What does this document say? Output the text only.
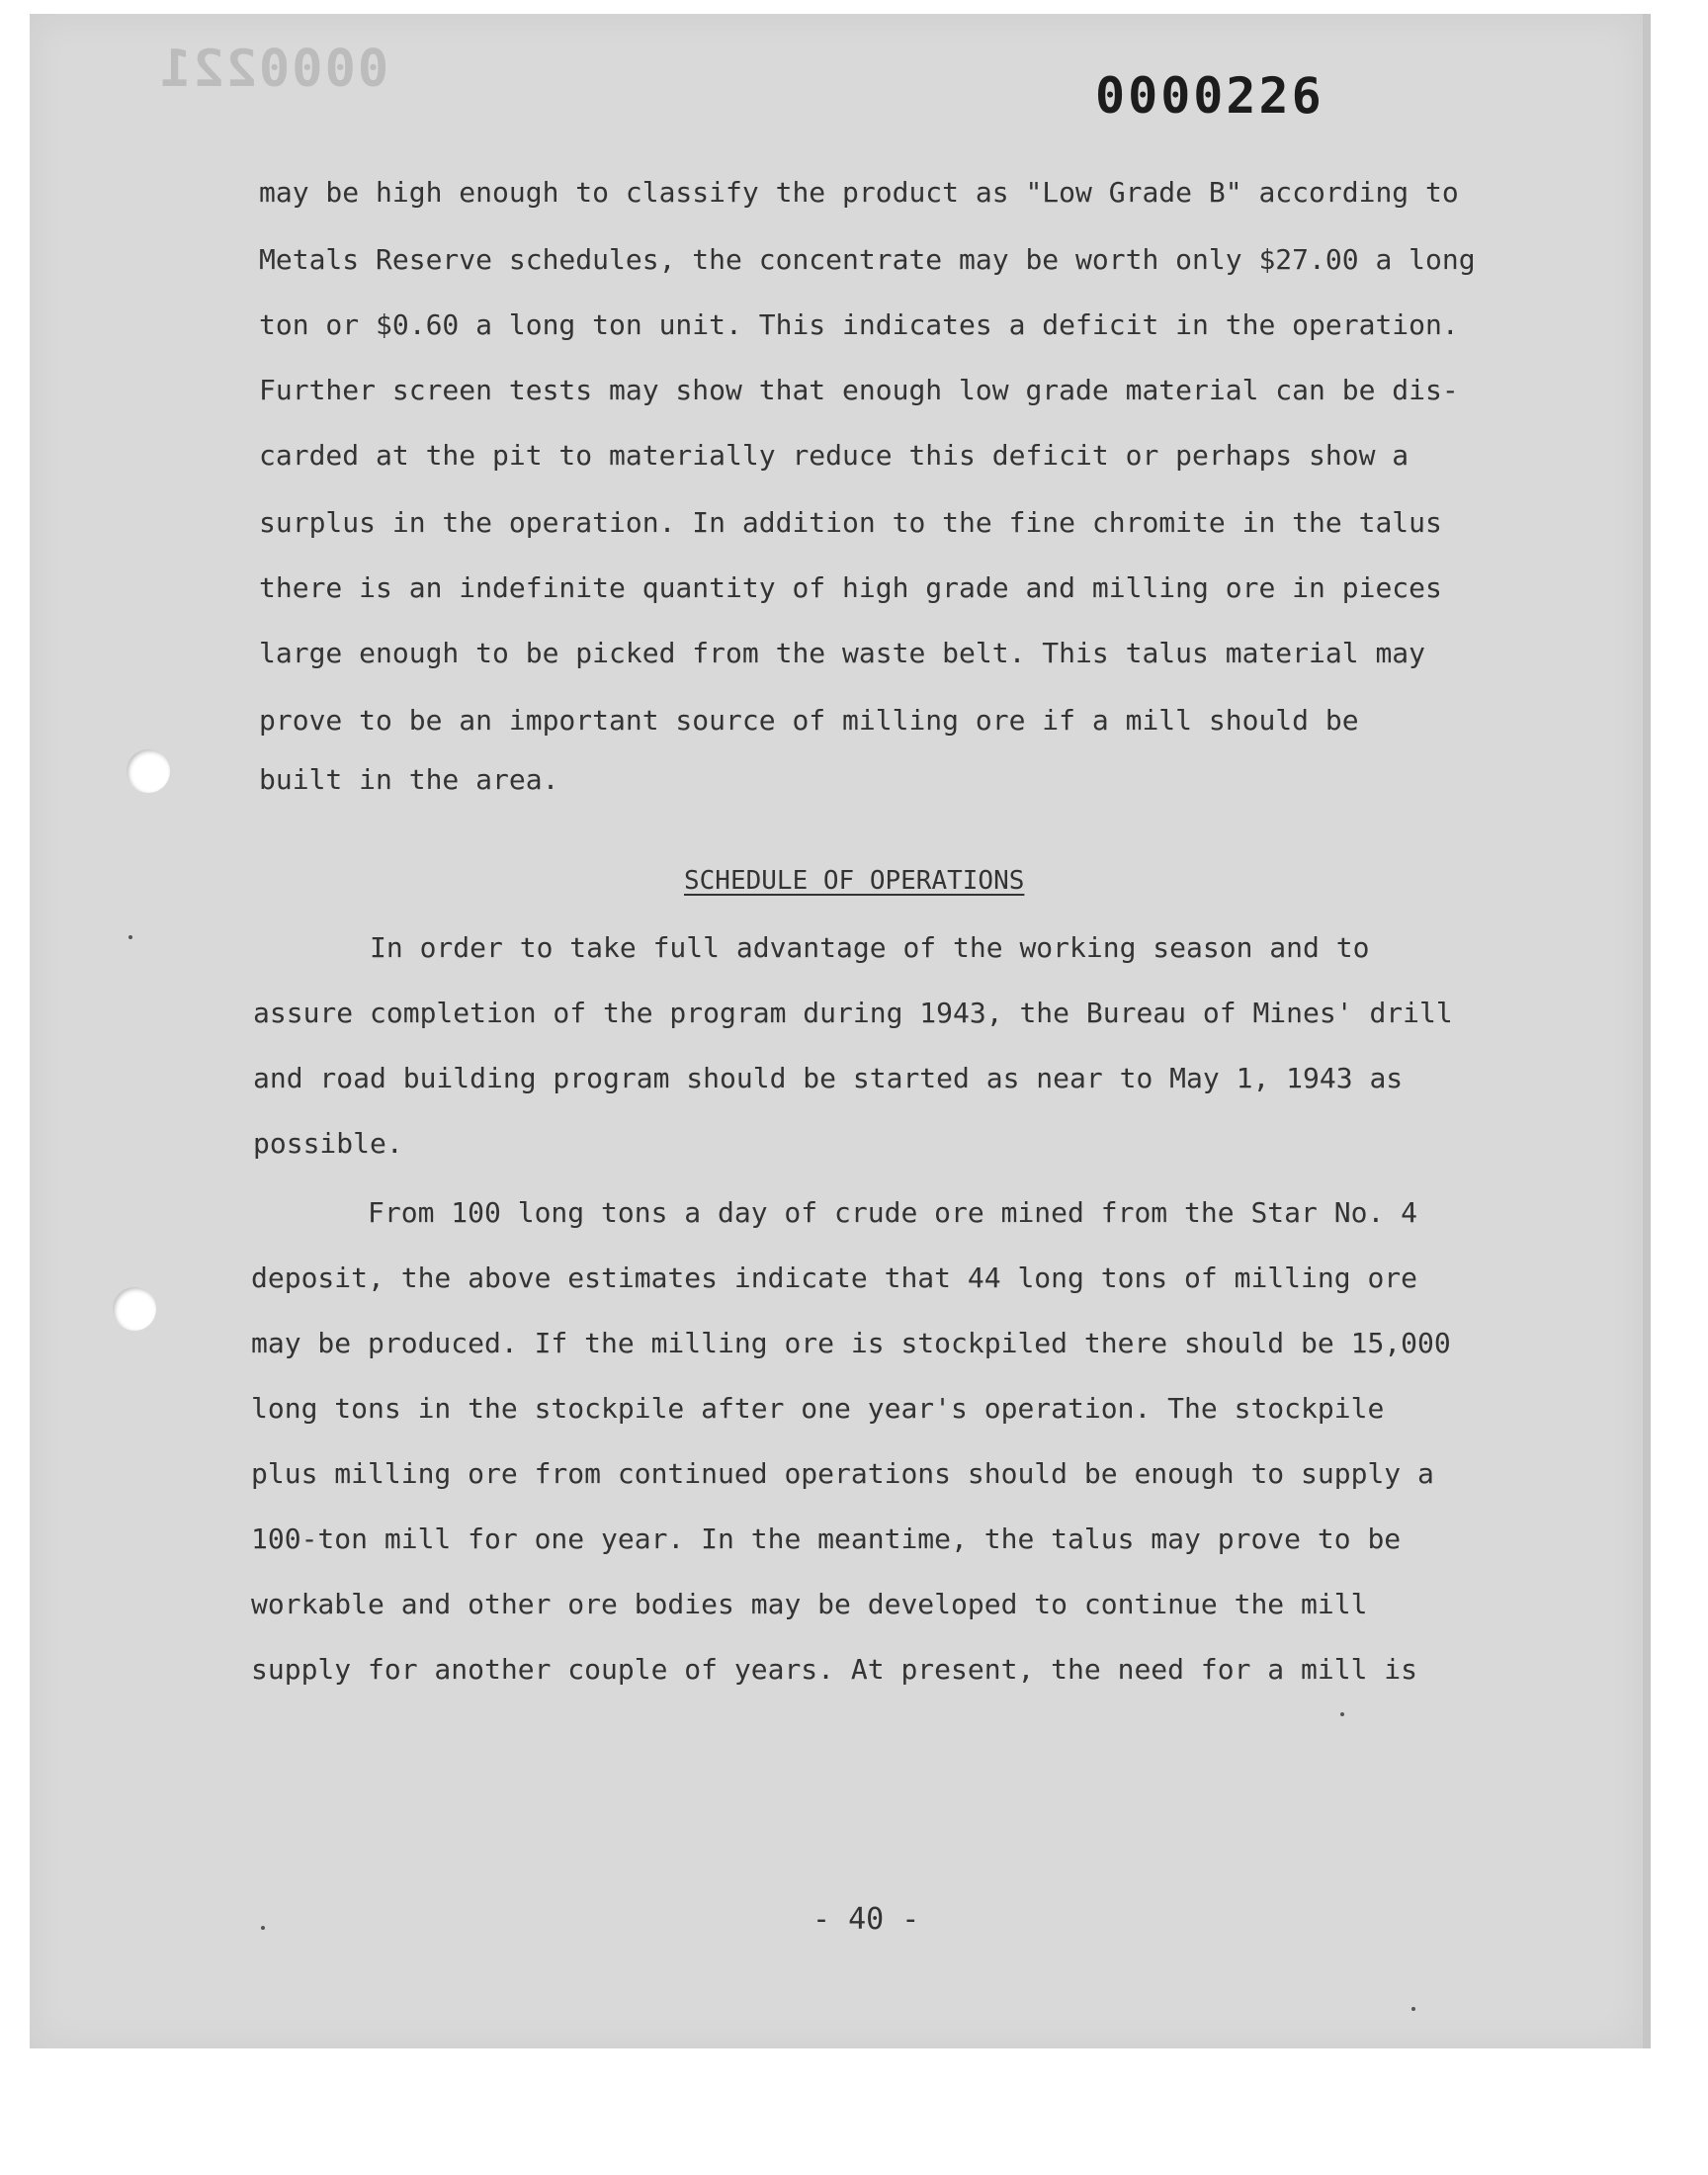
0000221	0000226
may be high enough to classify the product as "Low Grade B" according to
Metals Reserve schedules, the concentrate may be worth only $27.00 a long
ton or $0.60 a long ton unit. This indicates a deficit in the operation.
Further screen tests may show that enough low grade material can be dis-
carded at the pit to materially reduce this deficit or perhaps show a
surplus in the operation. In addition to the fine chromite in the talus
there is an indefinite quantity of high grade and milling ore in pieces
large enough to be picked from the waste belt. This talus material may
prove to be an important source of milling ore if a mill should be
built in the area.
SCHEDULE OF OPERATIONS
In order to take full advantage of the working season and to
assure completion of the program during 1943, the Bureau of Mines' drill
and road building program should be started as near to May 1, 1943 as
possible.
From 100 long tons a day of crude ore mined from the Star No. 4
deposit, the above estimates indicate that 44 long tons of milling ore
may be produced. If the milling ore is stockpiled there should be 15,000
long tons in the stockpile after one year's operation. The stockpile
plus milling ore from continued operations should be enough to supply a
100-ton mill for one year. In the meantime, the talus may prove to be
workable and other ore bodies may be developed to continue the mill
supply for another couple of years. At present, the need for a mill is
- 40 -
